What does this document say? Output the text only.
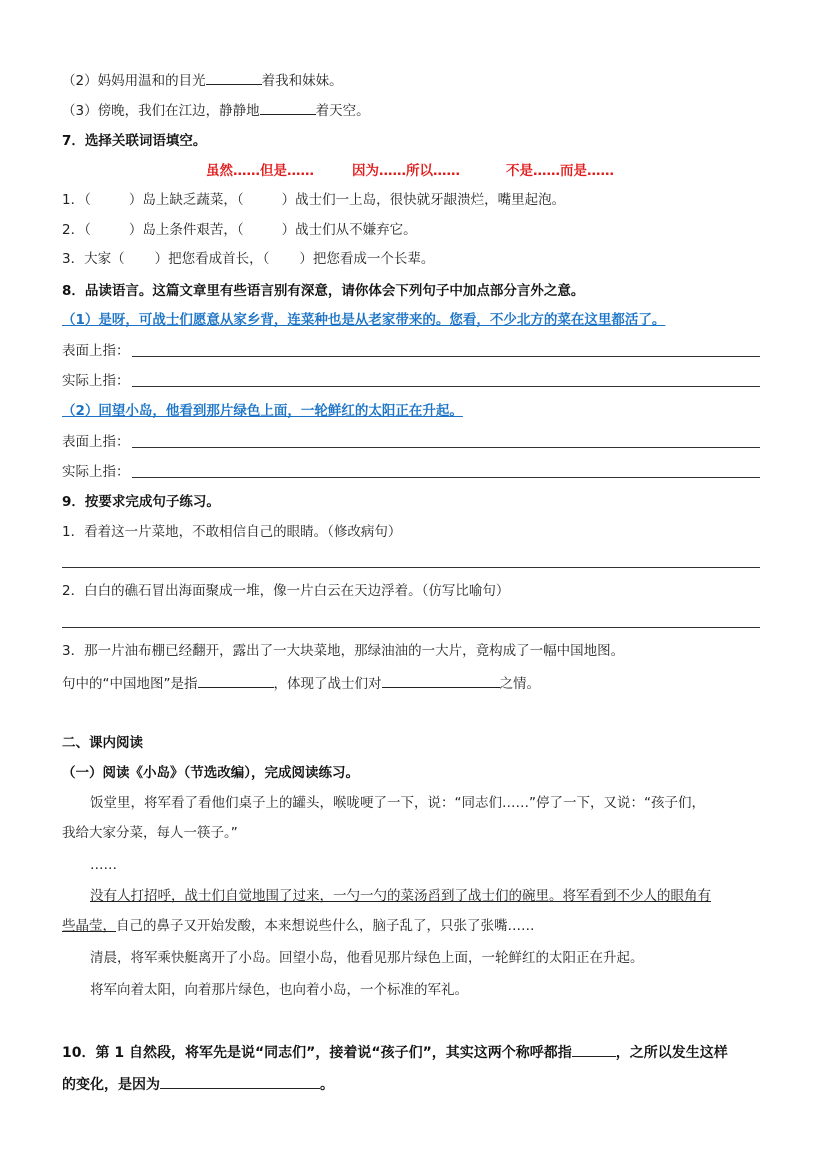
（2）妈妈用温和的目光	着我和妹妹。
（3）傍晚，我们在江边，静静地	着天空。
7．选择关联词语填空。
虽然……但是……	因为……所以……	不是……而是……
1．（	）岛上缺乏蔬菜，（	）战士们一上岛，很快就牙龈溃烂，嘴里起泡。
2．（	）岛上条件艰苦，（	）战士们从不嫌弃它。
3．大家（ ）把您看成首长，（ ）把您看成一个长辈。
8．品读语言。这篇文章里有些语言别有深意，请你体会下列句子中加点部分言外之意。
（1）是呀，可战士们愿意从家乡背，连菜种也是从老家带来的。您看，不少北方的菜在这里都活了。
表面上指：
实际上指：
（2）回望小岛，他看到那片绿色上面，一轮鲜红的太阳正在升起。
表面上指：
实际上指：
9．按要求完成句子练习。
1．看着这一片菜地，不敢相信自己的眼睛。（修改病句）
2．白白的礁石冒出海面聚成一堆，像一片白云在天边浮着。（仿写比喻句）
3．那一片油布棚已经翻开，露出了一大块菜地，那绿油油的一大片，竟构成了一幅中国地图。
句中的“中国地图”是指	，体现了战士们对	之情。
二、课内阅读
（一）阅读《小岛》（节选改编），完成阅读练习。
饭堂里，将军看了看他们桌子上的罐头，喉咙哽了一下，说：“同志们……”停了一下，又说：“孩子们，
我给大家分菜，每人一筷子。”
……
没有人打招呼，战士们自觉地围了过来，一勺一勺的菜汤舀到了战士们的碗里。将军看到不少人的眼角有
些晶莹，自己的鼻子又开始发酸，本来想说些什么，脑子乱了，只张了张嘴……
清晨，将军乘快艇离开了小岛。回望小岛，他看见那片绿色上面，一轮鲜红的太阳正在升起。
将军向着太阳，向着那片绿色，也向着小岛，一个标准的军礼。
10．第 1 自然段，将军先是说“同志们”，接着说“孩子们”，其实这两个称呼都指	，之所以发生这样
的变化，是因为	。
